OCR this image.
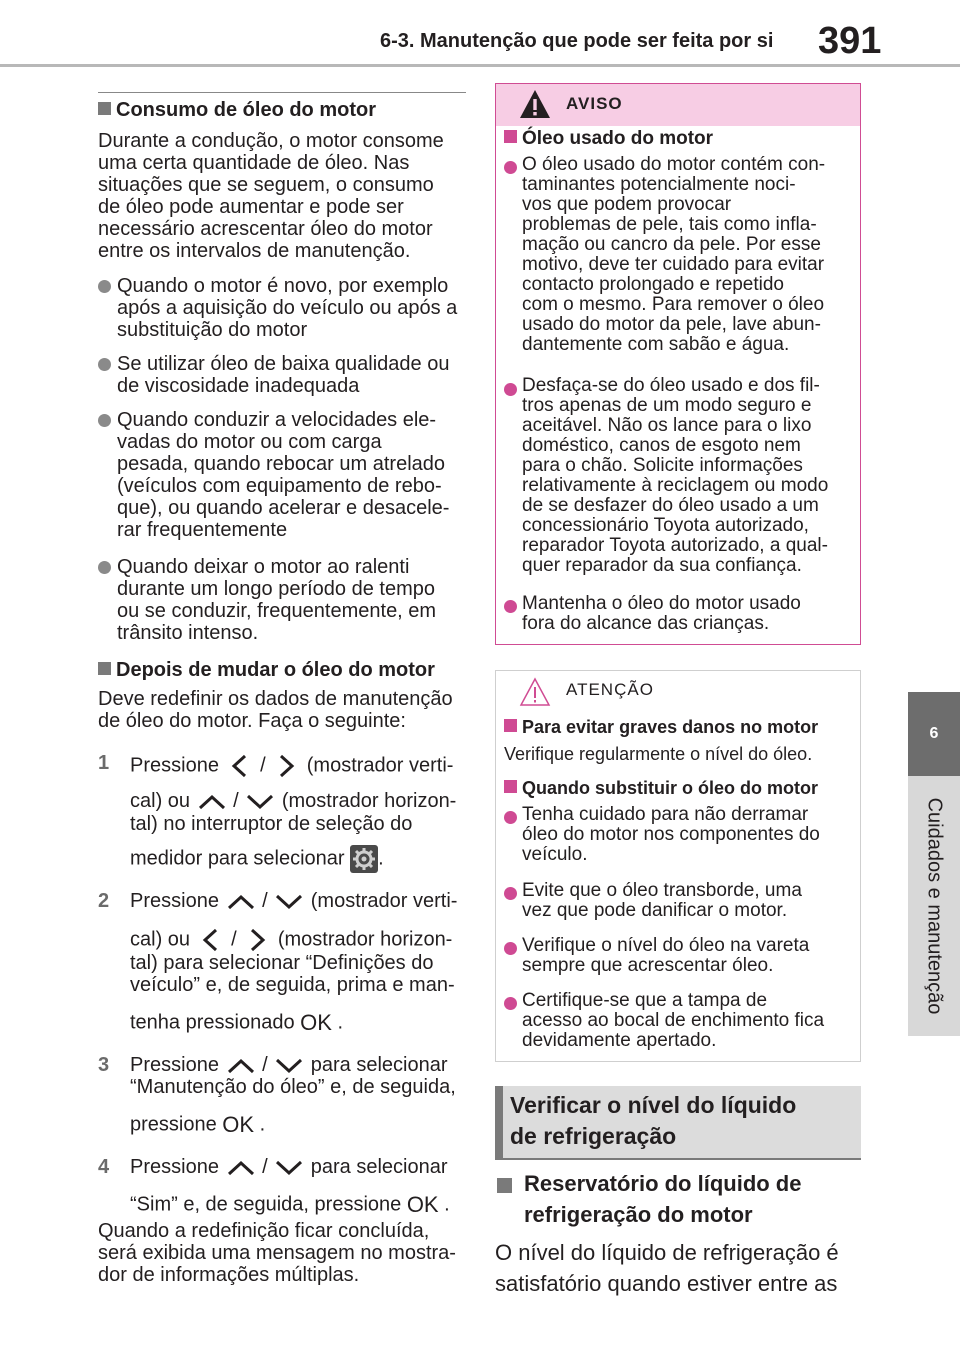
6-3. Manutenção que pode ser feita por si 391
6
Cuidados e manutenção
Consumo de óleo do motor
Durante a condução, o motor consome
uma certa quantidade de óleo. Nas
situações que se seguem, o consumo
de óleo pode aumentar e pode ser
necessário acrescentar óleo do motor
entre os intervalos de manutenção.
Quando o motor é novo, por exemplo
após a aquisição do veículo ou após a
substituição do motor
Se utilizar óleo de baixa qualidade ou
de viscosidade inadequada
Quando conduzir a velocidades ele-
vadas do motor ou com carga
pesada, quando rebocar um atrelado
(veículos com equipamento de rebo-
que), ou quando acelerar e desacele-
rar frequentemente
Quando deixar o motor ao ralenti
durante um longo período de tempo
ou se conduzir, frequentemente, em
trânsito intenso.
Depois de mudar o óleo do motor
Deve redefinir os dados de manutenção
de óleo do motor. Faça o seguinte:
1 Pressione / (mostrador verti-
cal) ou / (mostrador horizon-
tal) no interruptor de seleção do
medidor para selecionar .
2 Pressione / (mostrador verti-
cal) ou / (mostrador horizon-
tal) para selecionar “Definições do
veículo” e, de seguida, prima e man-
tenha pressionado OK .
3 Pressione / para selecionar
“Manutenção do óleo” e, de seguida,
pressione OK .
4 Pressione / para selecionar
“Sim” e, de seguida, pressione OK .
Quando a redefinição ficar concluída,
será exibida uma mensagem no mostra-
dor de informações múltiplas.
AVISO
Óleo usado do motor
O óleo usado do motor contém con-
taminantes potencialmente noci-
vos que podem provocar
problemas de pele, tais como infla-
mação ou cancro da pele. Por esse
motivo, deve ter cuidado para evitar
contacto prolongado e repetido
com o mesmo. Para remover o óleo
usado do motor da pele, lave abun-
dantemente com sabão e água.
Desfaça-se do óleo usado e dos fil-
tros apenas de um modo seguro e
aceitável. Não os lance para o lixo
doméstico, canos de esgoto nem
para o chão. Solicite informações
relativamente à reciclagem ou modo
de se desfazer do óleo usado a um
concessionário Toyota autorizado,
reparador Toyota autorizado, a qual-
quer reparador da sua confiança.
Mantenha o óleo do motor usado
fora do alcance das crianças.
ATENÇÃO
Para evitar graves danos no motor
Verifique regularmente o nível do óleo.
Quando substituir o óleo do motor
Tenha cuidado para não derramar
óleo do motor nos componentes do
veículo.
Evite que o óleo transborde, uma
vez que pode danificar o motor.
Verifique o nível do óleo na vareta
sempre que acrescentar óleo.
Certifique-se que a tampa de
acesso ao bocal de enchimento fica
devidamente apertado.
Verificar o nível do líquido
de refrigeração
Reservatório do líquido de
refrigeração do motor
O nível do líquido de refrigeração é
satisfatório quando estiver entre as
